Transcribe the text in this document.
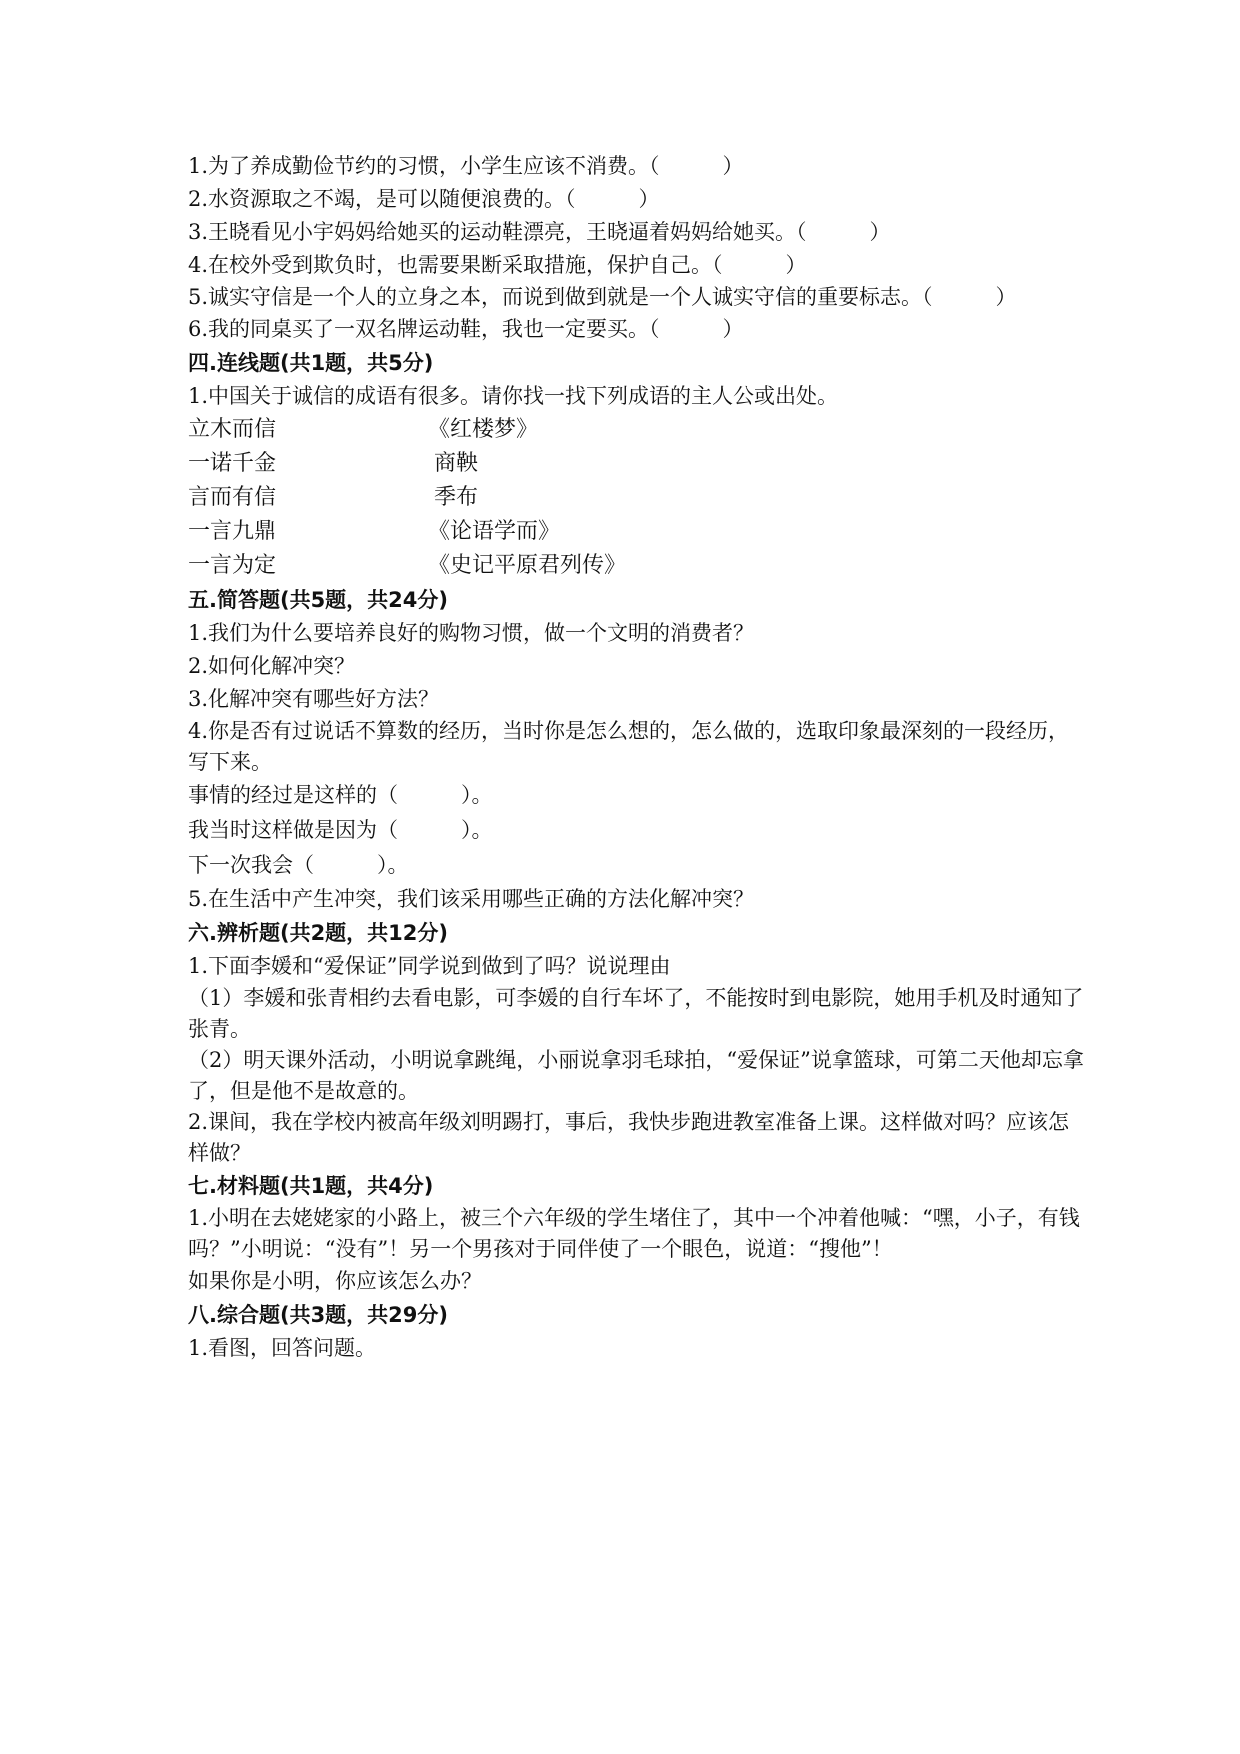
1.为了养成勤俭节约的习惯，小学生应该不消费。（　　　）
2.水资源取之不竭，是可以随便浪费的。（　　　）
3.王晓看见小宇妈妈给她买的运动鞋漂亮，王晓逼着妈妈给她买。（　　　）
4.在校外受到欺负时，也需要果断采取措施，保护自己。（　　　）
5.诚实守信是一个人的立身之本，而说到做到就是一个人诚实守信的重要标志。（　　　）
6.我的同桌买了一双名牌运动鞋，我也一定要买。（　　　）
四.连线题(共1题，共5分)
1.中国关于诚信的成语有很多。请你找一找下列成语的主人公或出处。
立木而信	《红楼梦》
一诺千金	商鞅
言而有信	季布
一言九鼎	《论语学而》
一言为定	《史记平原君列传》
五.简答题(共5题，共24分)
1.我们为什么要培养良好的购物习惯，做一个文明的消费者？
2.如何化解冲突？
3.化解冲突有哪些好方法？
4.你是否有过说话不算数的经历，当时你是怎么想的，怎么做的，选取印象最深刻的一段经历，写下来。
事情的经过是这样的（　　　）。
我当时这样做是因为（　　　）。
下一次我会（　　　）。
5.在生活中产生冲突，我们该采用哪些正确的方法化解冲突？
六.辨析题(共2题，共12分)
1.下面李媛和“爱保证”同学说到做到了吗？说说理由
（1）李媛和张青相约去看电影，可李媛的自行车坏了，不能按时到电影院，她用手机及时通知了张青。
（2）明天课外活动，小明说拿跳绳，小丽说拿羽毛球拍，“爱保证”说拿篮球，可第二天他却忘拿了，但是他不是故意的。
2.课间，我在学校内被高年级刘明踢打，事后，我快步跑进教室准备上课。这样做对吗？应该怎样做？
七.材料题(共1题，共4分)
1.小明在去姥姥家的小路上，被三个六年级的学生堵住了，其中一个冲着他喊：“嘿，小子，有钱吗？”小明说：“没有”！另一个男孩对于同伴使了一个眼色，说道：“搜他”！
如果你是小明，你应该怎么办？
八.综合题(共3题，共29分)
1.看图，回答问题。
